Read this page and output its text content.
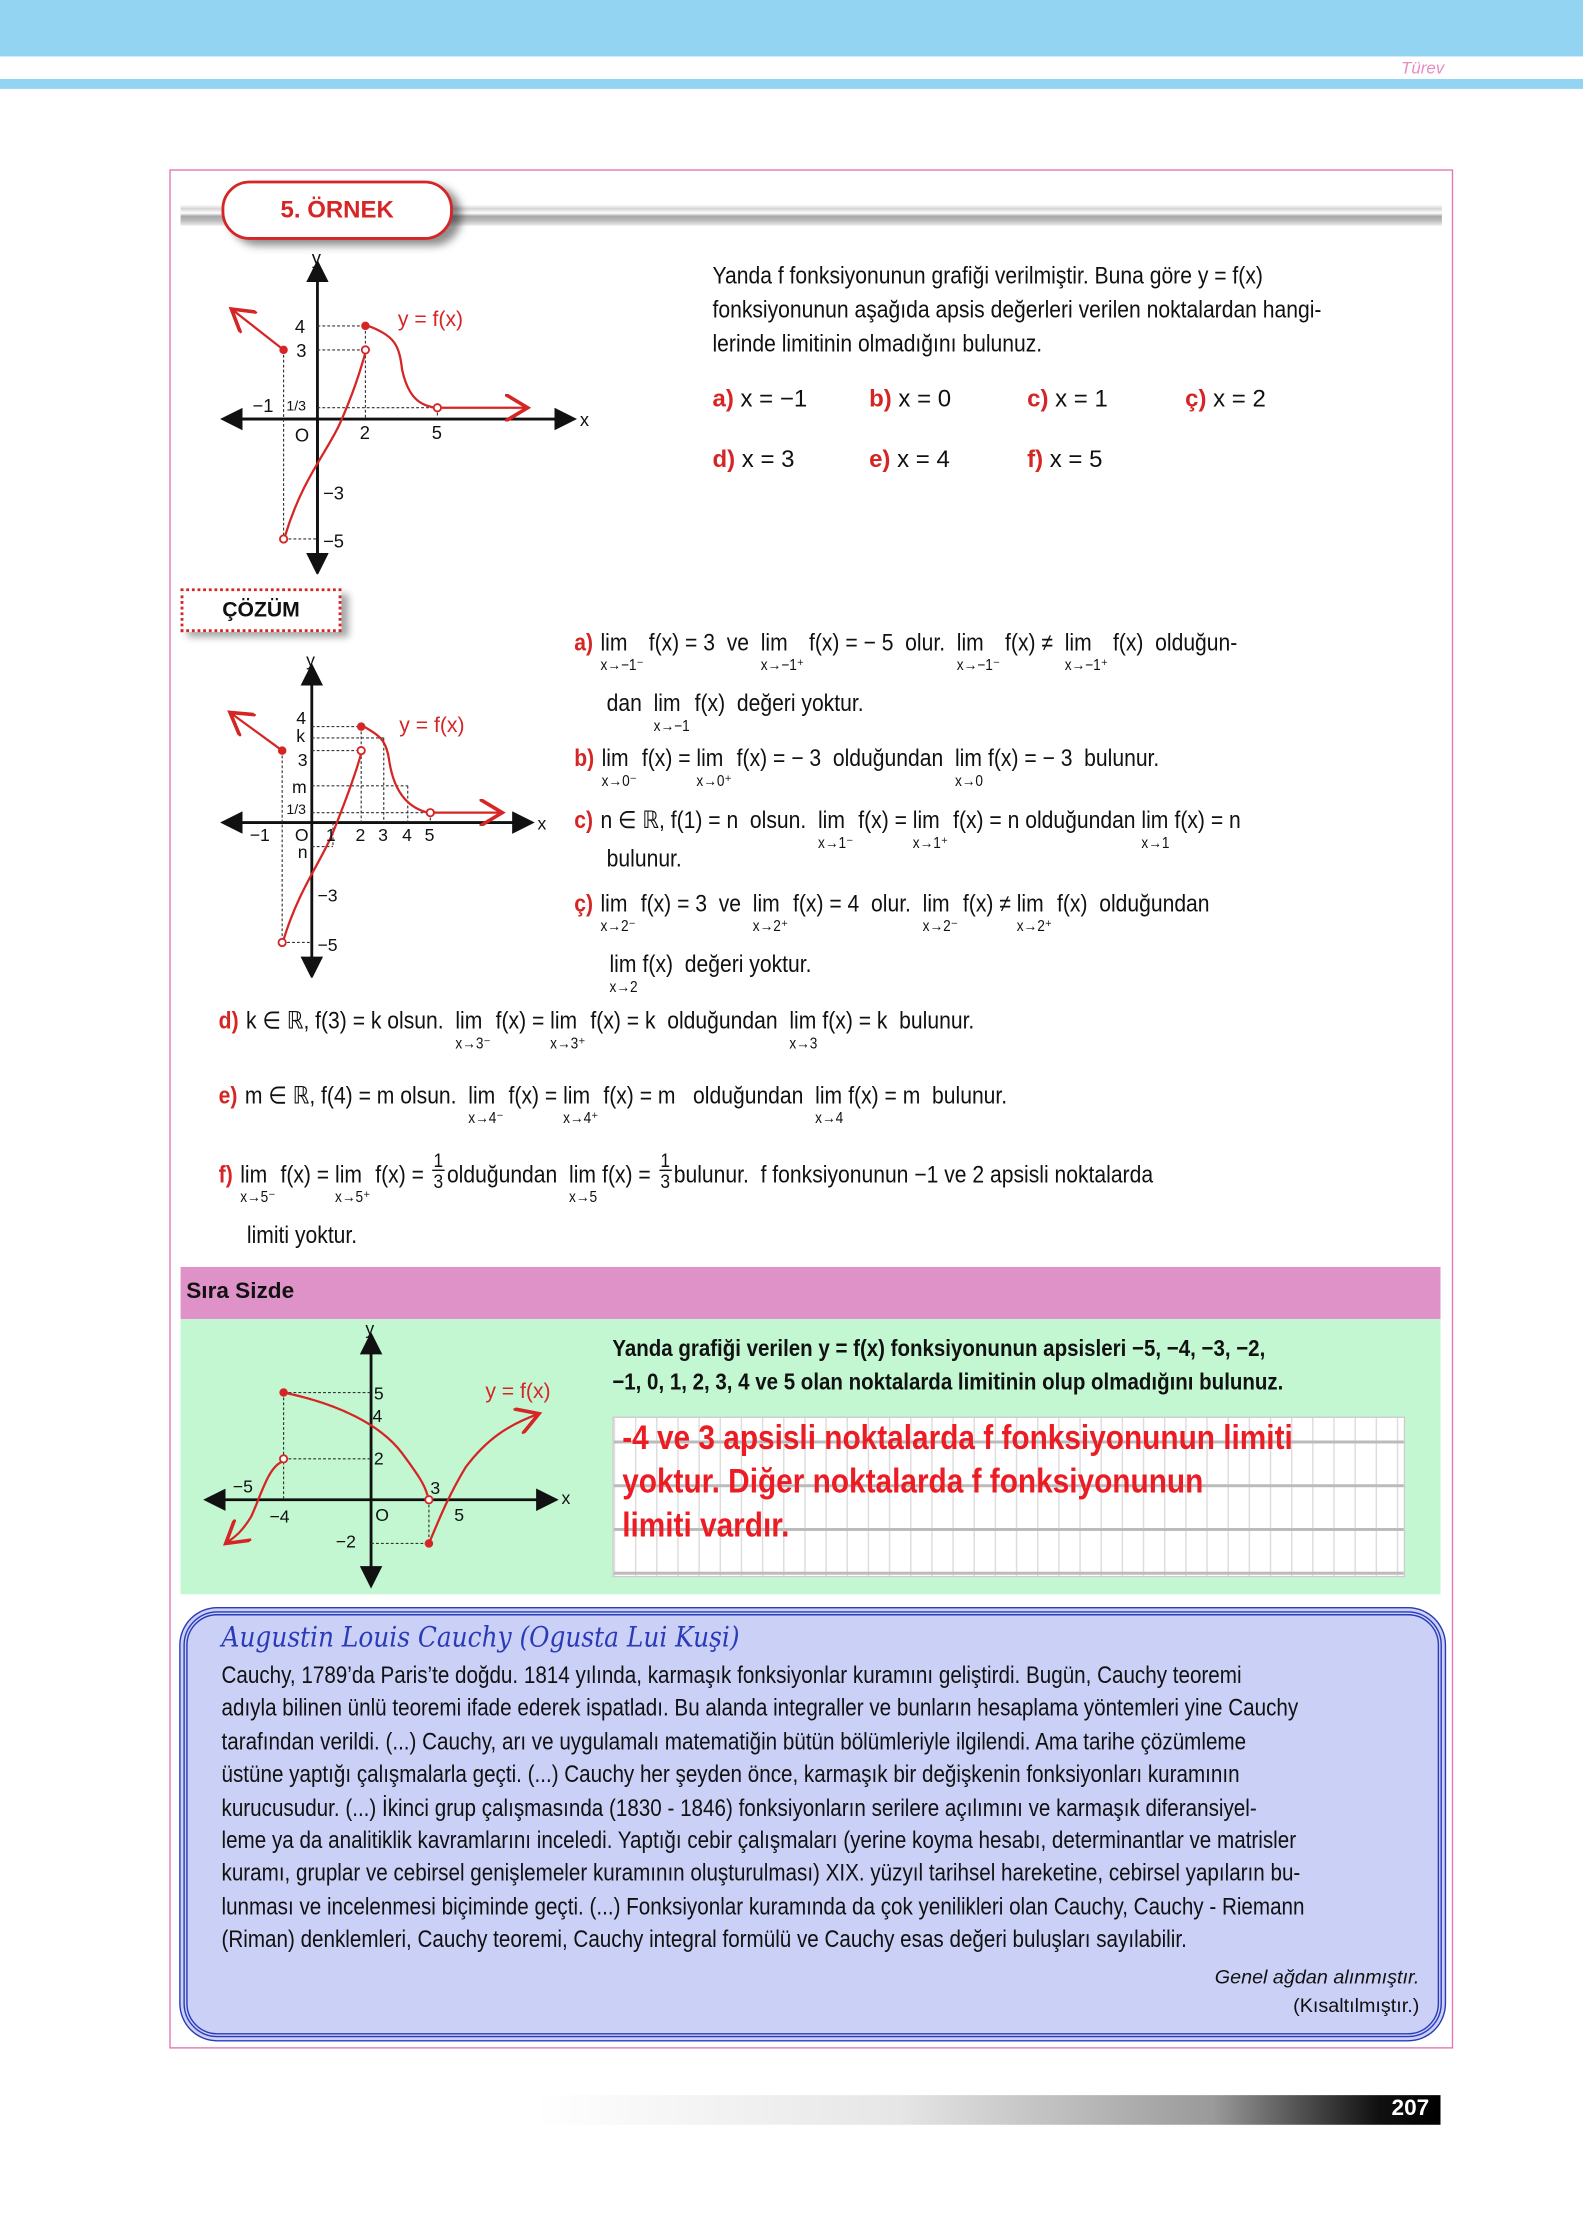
Türev
5. ÖRNEK
y
x
4
3
−1 1/3
O	2	5
−3
−5
y = f(x)
Yanda f fonksiyonunun grafiği verilmiştir. Buna göre y = f(x)
fonksiyonunun aşağıda apsis değerleri verilen noktalardan hangi-
lerinde limitinin olmadığını bulunuz.
a) x = −1	b) x = 0	c) x = 1	ç) x = 2
d) x = 3	e) x = 4	f) x = 5
ÇÖZÜM
y
x
4
k
3
m
1/3
−1 O 1 2 3 4 5
n
−3
−5
y = f(x)
a) lim
x→−1⁻
f(x) = 3  ve lim
x→−1⁺
f(x) = − 5  olur. lim
x→−1⁻
f(x) ≠ lim
x→−1⁺
f(x)  olduğun-
dan lim
x→−1
f(x)  değeri yoktur.
b) lim
x→0⁻
f(x) = lim
x→0⁺
f(x) = − 3  olduğundan lim
x→0
f(x) = − 3  bulunur.
c) n ∈ ℝ, f(1) = n  olsun. lim
x→1⁻
f(x) = lim
x→1⁺
f(x) = n olduğundan lim
x→1
f(x) = n
bulunur.
ç) lim
x→2⁻
f(x) = 3  ve lim
x→2⁺
f(x) = 4  olur. lim
x→2⁻
f(x) ≠ lim
x→2⁺
f(x)  olduğundan
lim
x→2
f(x)  değeri yoktur.
d) k ∈ ℝ, f(3) = k olsun. lim
x→3⁻
f(x) = lim
x→3⁺
f(x) = k  olduğundan lim
x→3
f(x) = k  bulunur.
e) m ∈ ℝ, f(4) = m olsun. lim
x→4⁻
f(x) = lim
x→4⁺
f(x) = m   olduğundan lim
x→4
f(x) = m  bulunur.
f) lim
x→5⁻
f(x) = lim
x→5⁺
$f(x) = \frac{1}{3}$ olduğundan lim
x→5
$f(x) = \frac{1}{3}$ bulunur.  f fonksiyonunun −1 ve 2 apsisli noktalarda
limiti yoktur.
Sıra Sizde
y
x
5
4
2
−5
−4	O
3
5
−2
y = f(x)
Yanda grafiği verilen y = f(x) fonksiyonunun apsisleri −5, −4, −3, −2,
−1, 0, 1, 2, 3, 4 ve 5 olan noktalarda limitinin olup olmadığını bulunuz.
-4 ve 3 apsisli noktalarda f fonksiyonunun limiti
yoktur. Diğer noktalarda f fonksiyonunun
limiti vardır.
Augustin Louis Cauchy (Ogusta Lui Kuşi)
Cauchy, 1789’da Paris’te doğdu. 1814 yılında, karmaşık fonksiyonlar kuramını geliştirdi. Bugün, Cauchy teoremi
adıyla bilinen ünlü teoremi ifade ederek ispatladı. Bu alanda integraller ve bunların hesaplama yöntemleri yine Cauchy
tarafından verildi. (...) Cauchy, arı ve uygulamalı matematiğin bütün bölümleriyle ilgilendi. Ama tarihe çözümleme
üstüne yaptığı çalışmalarla geçti. (...) Cauchy her şeyden önce, karmaşık bir değişkenin fonksiyonları kuramının
kurucusudur. (...) İkinci grup çalışmasında (1830 - 1846) fonksiyonların serilere açılımını ve karmaşık diferansiyel-
leme ya da analitiklik kavramlarını inceledi. Yaptığı cebir çalışmaları (yerine koyma hesabı, determinantlar ve matrisler
kuramı, gruplar ve cebirsel genişlemeler kuramının oluşturulması) XIX. yüzyıl tarihsel hareketine, cebirsel yapıların bu-
lunması ve incelenmesi biçiminde geçti. (...) Fonksiyonlar kuramında da çok yenilikleri olan Cauchy, Cauchy - Riemann
(Riman) denklemleri, Cauchy teoremi, Cauchy integral formülü ve Cauchy esas değeri buluşları sayılabilir.
Genel ağdan alınmıştır.
(Kısaltılmıştır.)
207
